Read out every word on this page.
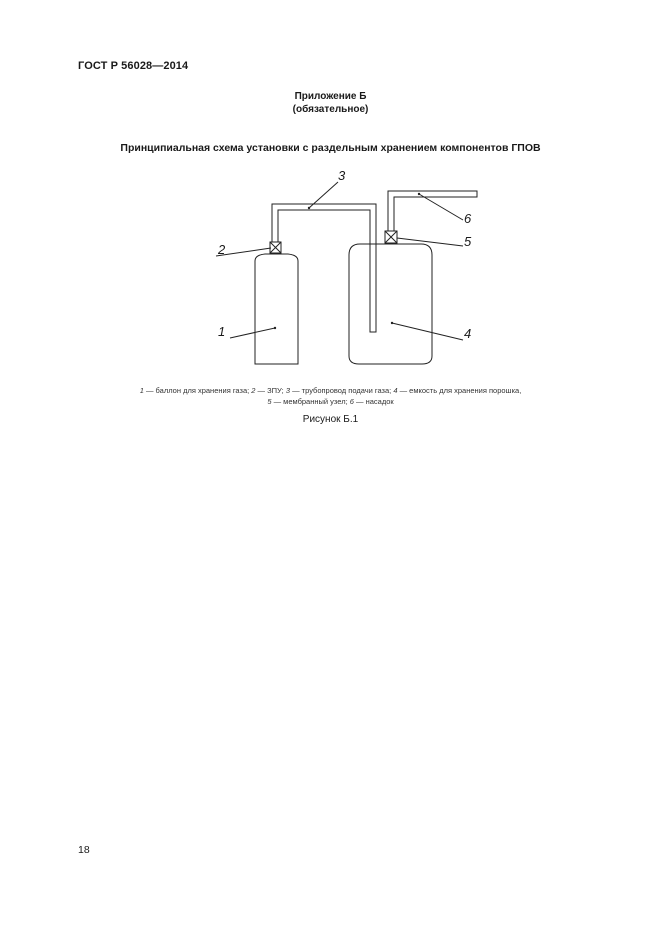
ГОСТ Р 56028—2014
Приложение Б
(обязательное)
Принципиальная схема установки с раздельным хранением компонентов ГПОВ
1
2
3
4
5
6
1 — баллон для хранения газа; 2 — ЗПУ; 3 — трубопровод подачи газа; 4 — емкость для хранения порошка,
5 — мембранный узел; 6 — насадок
Рисунок Б.1
18
